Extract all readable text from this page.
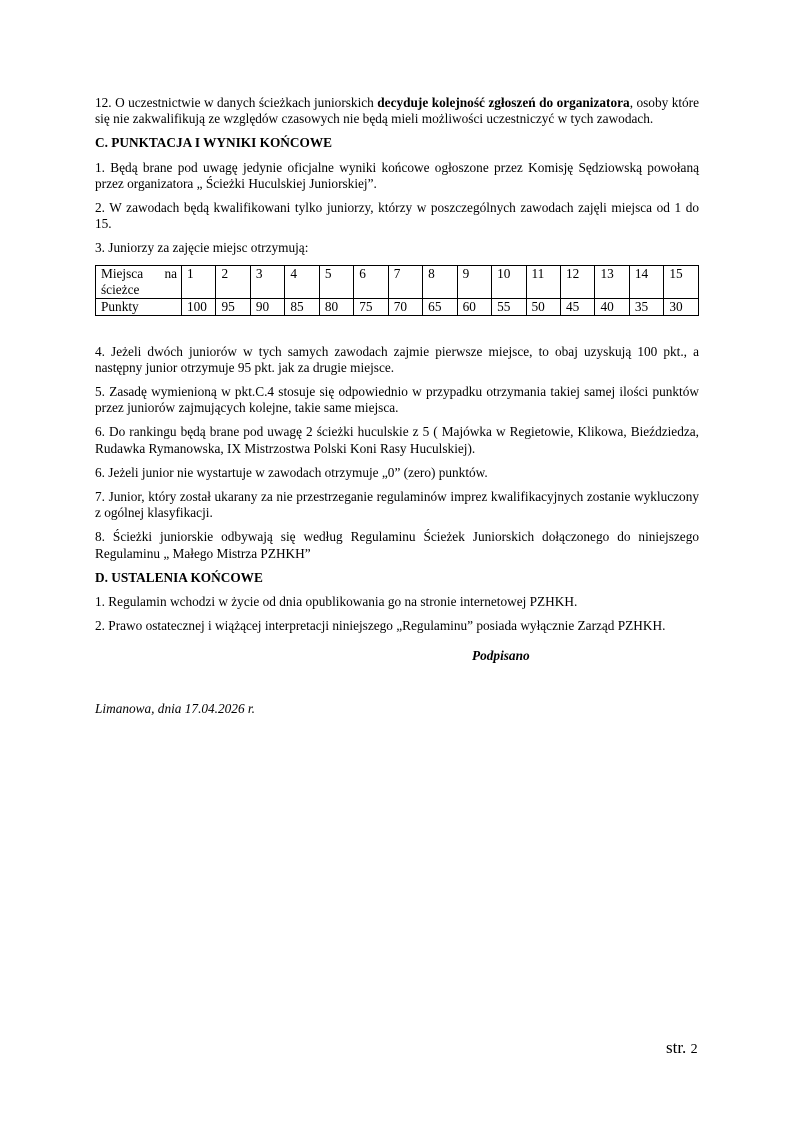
12. O uczestnictwie w danych ścieżkach juniorskich decyduje kolejność zgłoszeń do organizatora, osoby które się nie zakwalifikują ze względów czasowych nie będą mieli możliwości uczestniczyć w tych zawodach.

C. PUNKTACJA I WYNIKI KOŃCOWE

1. Będą brane pod uwagę jedynie oficjalne wyniki końcowe ogłoszone przez Komisję Sędziowską powołaną przez organizatora „ Ścieżki Huculskiej Juniorskiej”.

2. W zawodach będą kwalifikowani tylko juniorzy, którzy w poszczególnych zawodach zajęli miejsca od 1 do 15.

3. Juniorzy za zajęcie miejsc otrzymują:

Miejsca na ścieżce	1	2	3	4	5	6	7	8	9	10	11	12	13	14	15
Punkty	100	95	90	85	80	75	70	65	60	55	50	45	40	35	30

4. Jeżeli dwóch juniorów w tych samych zawodach zajmie pierwsze miejsce, to obaj uzyskują 100 pkt., a następny junior otrzymuje 95 pkt. jak za drugie miejsce.

5. Zasadę wymienioną w pkt.C.4 stosuje się odpowiednio w przypadku otrzymania takiej samej ilości punktów przez juniorów zajmujących kolejne, takie same miejsca.

6. Do rankingu będą brane pod uwagę 2 ścieżki huculskie z 5 ( Majówka w Regietowie, Klikowa, Bieździedza, Rudawka Rymanowska, IX Mistrzostwa Polski Koni Rasy Huculskiej).

6. Jeżeli junior nie wystartuje w zawodach otrzymuje „0” (zero) punktów.

7. Junior, który został ukarany za nie przestrzeganie regulaminów imprez kwalifikacyjnych zostanie wykluczony z ogólnej klasyfikacji.

8. Ścieżki juniorskie odbywają się według Regulaminu Ścieżek Juniorskich dołączonego do niniejszego Regulaminu „ Małego Mistrza PZHKH”

D. USTALENIA KOŃCOWE

1. Regulamin wchodzi w życie od dnia opublikowania go na stronie internetowej PZHKH.

2. Prawo ostatecznej i wiążącej interpretacji niniejszego „Regulaminu” posiada wyłącznie Zarząd PZHKH.

Podpisano
Limanowa, dnia 17.04.2026 r.
str. 2
